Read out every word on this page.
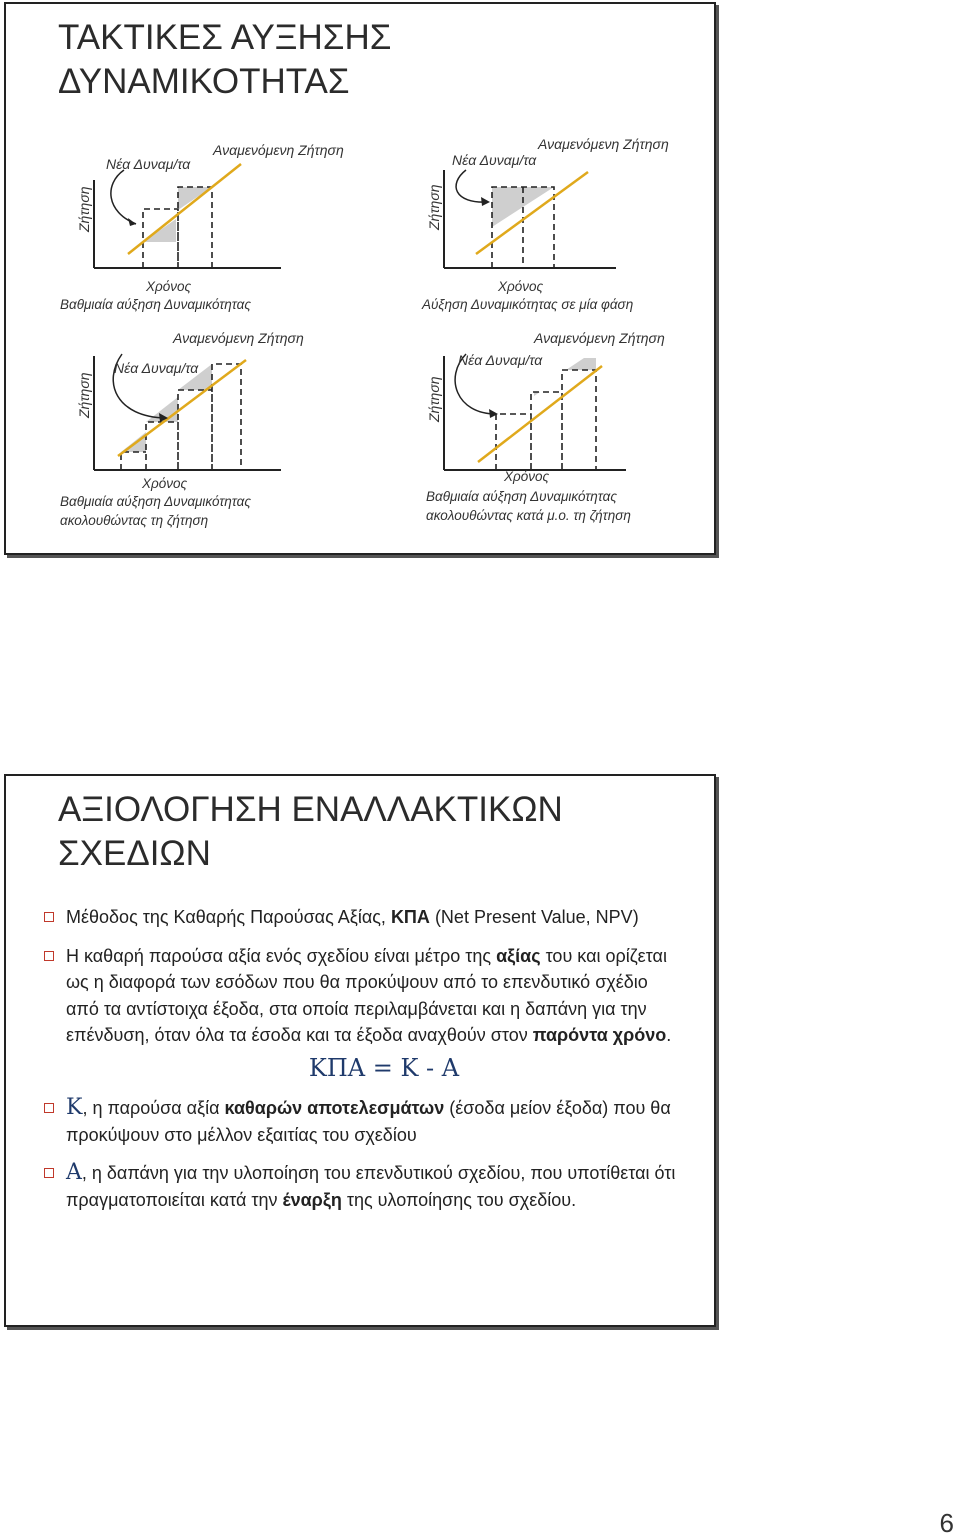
ΤΑΚΤΙΚΕΣ ΑΥΞΗΣΗΣ
ΔΥΝΑΜΙΚΟΤΗΤΑΣ
Νέα Δυναμ/τα
Αναμενόμενη Ζήτηση
Ζήτηση
Χρόνος
Βαθμιαία αύξηση Δυναμικότητας
Νέα Δυναμ/τα
Αναμενόμενη Ζήτηση
Ζήτηση
Χρόνος
Αύξηση Δυναμικότητας σε μία φάση
Νέα Δυναμ/τα
Αναμενόμενη Ζήτηση
Ζήτηση
Χρόνος
Βαθμιαία αύξηση Δυναμικότητας
ακολουθώντας τη ζήτηση
Νέα Δυναμ/τα
Αναμενόμενη Ζήτηση
Ζήτηση
Χρόνος
Βαθμιαία αύξηση Δυναμικότητας
ακολουθώντας κατά μ.ο. τη ζήτηση
ΑΞΙΟΛΟΓΗΣΗ ΕΝΑΛΛΑΚΤΙΚΩΝ
ΣΧΕΔΙΩΝ
Μέθοδος της Καθαρής Παρούσας Αξίας, ΚΠΑ (Net Present Value, NPV)
Η καθαρή παρούσα αξία ενός σχεδίου είναι μέτρο της αξίας του και ορίζεται ως η διαφορά των εσόδων που θα προκύψουν από το επενδυτικό σχέδιο από τα αντίστοιχα έξοδα, στα οποία περιλαμβάνεται και η δαπάνη για την επένδυση, όταν όλα τα έσοδα και τα έξοδα αναχθούν στον παρόντα χρόνο.
ΚΠΑ = Κ - Α
Κ, η παρούσα αξία καθαρών αποτελεσμάτων (έσοδα μείον έξοδα) που θα προκύψουν στο μέλλον εξαιτίας του σχεδίου
Α, η δαπάνη για την υλοποίηση του επενδυτικού σχεδίου, που υποτίθεται ότι πραγματοποιείται κατά την έναρξη της υλοποίησης του σχεδίου.
6
